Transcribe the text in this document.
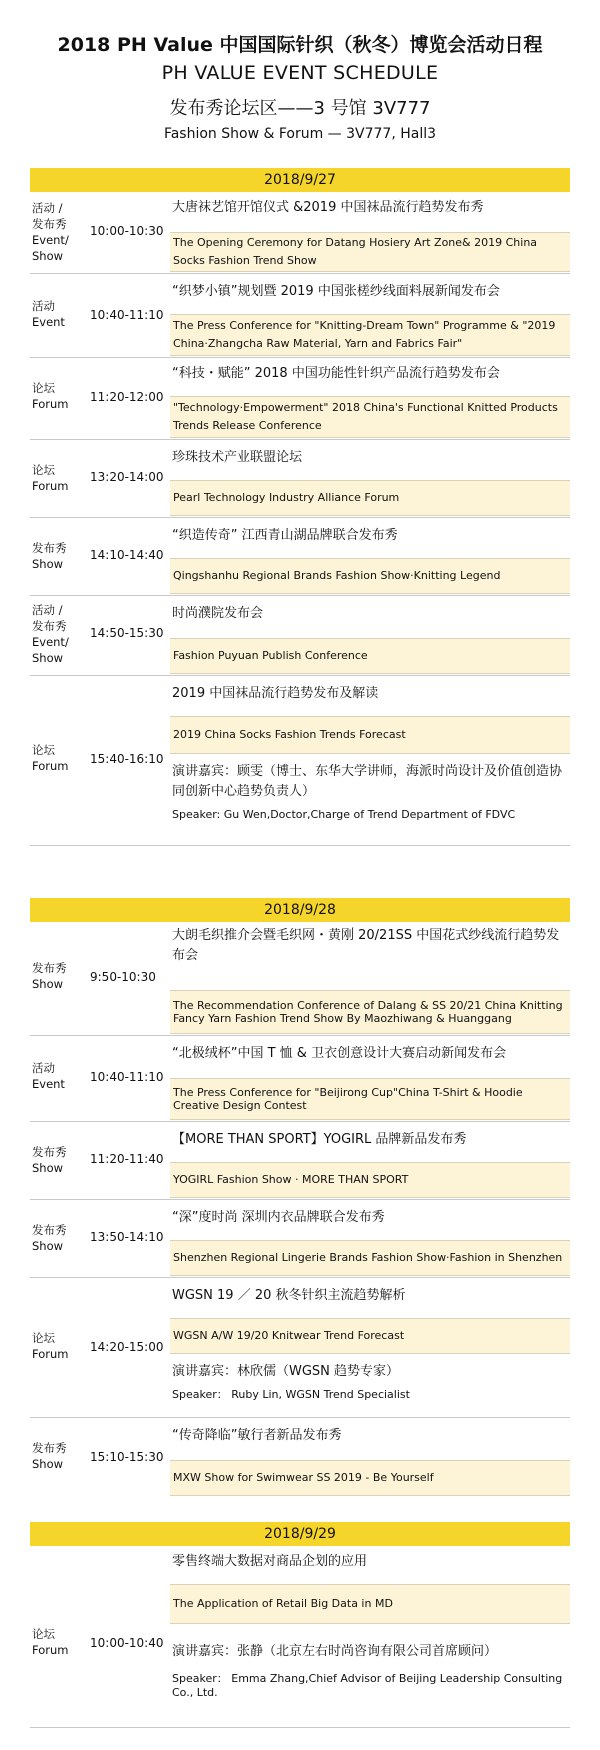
2018 PH Value 中国国际针织（秋冬）博览会活动日程
PH VALUE EVENT SCHEDULE
发布秀论坛区——3 号馆 3V777
Fashion Show & Forum — 3V777, Hall3
2018/9/27
活动 /
发布秀
Event/
Show
10:00-10:30
大唐袜艺馆开馆仪式 &2019 中国袜品流行趋势发布秀
The Opening Ceremony for Datang Hosiery Art Zone& 2019 China Socks Fashion Trend Show
活动
Event 10:40-11:10
“织梦小镇”规划暨 2019 中国张槎纱线面料展新闻发布会
The Press Conference for "Knitting-Dream Town" Programme & "2019 China·Zhangcha Raw Material, Yarn and Fabrics Fair"
论坛
Forum 11:20-12:00
“科技・赋能” 2018 中国功能性针织产品流行趋势发布会
"Technology·Empowerment" 2018 China's Functional Knitted Products Trends Release Conference
论坛
Forum
13:20-14:00
珍珠技术产业联盟论坛
Pearl Technology Industry Alliance Forum
发布秀
Show
14:10-14:40
“织造传奇” 江西青山湖品牌联合发布秀
Qingshanhu Regional Brands Fashion Show·Knitting Legend
活动 /
发布秀
Event/
Show
14:50-15:30
时尚濮院发布会
Fashion Puyuan Publish Conference
论坛
Forum 15:40-16:10
2019 中国袜品流行趋势发布及解读
2019 China Socks Fashion Trends Forecast
演讲嘉宾：顾雯（博士、东华大学讲师，海派时尚设计及价值创造协同创新中心趋势负责人）
Speaker: Gu Wen,Doctor,Charge of Trend Department of FDVC
2018/9/28
发布秀
Show 9:50-10:30
大朗毛织推介会暨毛织网・黄刚 20/21SS 中国花式纱线流行趋势发布会
The Recommendation Conference of Dalang & SS 20/21 China Knitting Fancy Yarn Fashion Trend Show By Maozhiwang & Huanggang
活动
Event 10:40-11:10
“北极绒杯”中国 T 恤 & 卫衣创意设计大赛启动新闻发布会
The Press Conference for "Beijirong Cup"China T-Shirt & Hoodie Creative Design Contest
发布秀
Show
11:20-11:40
【MORE THAN SPORT】YOGIRL 品牌新品发布秀
YOGIRL Fashion Show · MORE THAN SPORT
发布秀
Show
13:50-14:10
“深”度时尚 深圳内衣品牌联合发布秀
Shenzhen Regional Lingerie Brands Fashion Show·Fashion in Shenzhen
论坛
Forum 14:20-15:00
WGSN 19 ／ 20 秋冬针织主流趋势解析
WGSN A/W 19/20 Knitwear Trend Forecast
演讲嘉宾：林欣儒（WGSN 趋势专家）
Speaker： Ruby Lin, WGSN Trend Specialist
发布秀
Show 15:10-15:30
“传奇降临”敏行者新品发布秀
MXW Show for Swimwear SS 2019 - Be Yourself
2018/9/29
论坛
Forum 10:00-10:40
零售终端大数据对商品企划的应用
The Application of Retail Big Data in MD
演讲嘉宾：张静（北京左右时尚咨询有限公司首席顾问）
Speaker： Emma Zhang,Chief Advisor of Beijing Leadership Consulting Co., Ltd.
